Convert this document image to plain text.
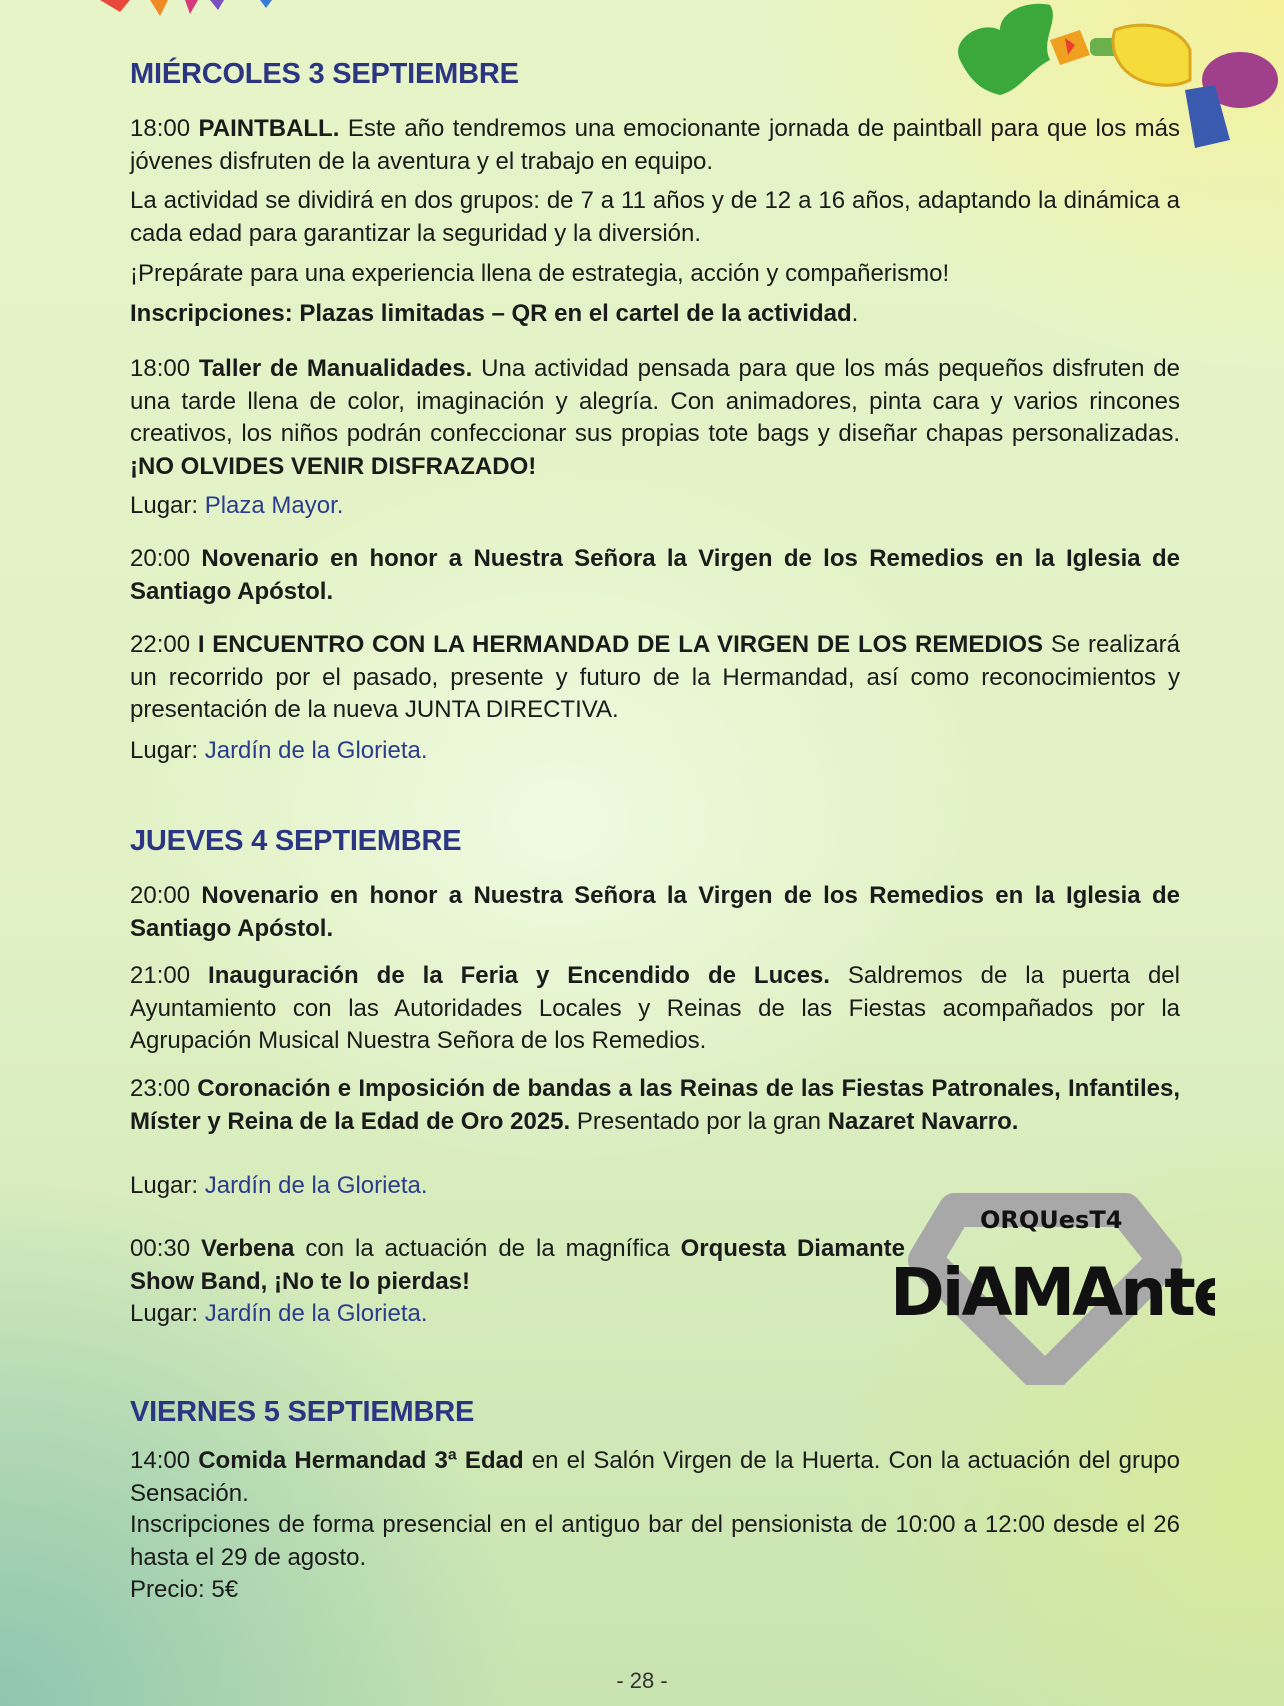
MIÉRCOLES 3 SEPTIEMBRE

18:00 PAINTBALL. Este año tendremos una emocionante jornada de paintball para que los más jóvenes disfruten de la aventura y el trabajo en equipo.

La actividad se dividirá en dos grupos: de 7 a 11 años y de 12 a 16 años, adaptando la dinámica a cada edad para garantizar la seguridad y la diversión.

¡Prepárate para una experiencia llena de estrategia, acción y compañerismo!

Inscripciones: Plazas limitadas – QR en el cartel de la actividad.

18:00 Taller de Manualidades. Una actividad pensada para que los más pequeños disfruten de una tarde llena de color, imaginación y alegría. Con animadores, pinta cara y varios rincones creativos, los niños podrán confeccionar sus propias tote bags y diseñar chapas personalizadas. ¡NO OLVIDES VENIR DISFRAZADO!

Lugar: Plaza Mayor.

20:00 Novenario en honor a Nuestra Señora la Virgen de los Remedios en la Iglesia de Santiago Apóstol.

22:00 I ENCUENTRO CON LA HERMANDAD DE LA VIRGEN DE LOS REMEDIOS Se realizará un recorrido por el pasado, presente y futuro de la Hermandad, así como reconocimientos y presentación de la nueva JUNTA DIRECTIVA.

Lugar: Jardín de la Glorieta.

JUEVES 4 SEPTIEMBRE

20:00 Novenario en honor a Nuestra Señora la Virgen de los Remedios en la Iglesia de Santiago Apóstol.

21:00 Inauguración de la Feria y Encendido de Luces. Saldremos de la puerta del Ayuntamiento con las Autoridades Locales y Reinas de las Fiestas acompañados por la Agrupación Musical Nuestra Señora de los Remedios.

23:00 Coronación e Imposición de bandas a las Reinas de las Fiestas Patronales, Infantiles, Míster y Reina de la Edad de Oro 2025. Presentado por la gran Nazaret Navarro.

Lugar: Jardín de la Glorieta.

00:30 Verbena con la actuación de la magnífica Orquesta Diamante Show Band, ¡No te lo pierdas!

Lugar: Jardín de la Glorieta.

VIERNES 5 SEPTIEMBRE

14:00 Comida Hermandad 3ª Edad en el Salón Virgen de la Huerta. Con la actuación del grupo Sensación.

Inscripciones de forma presencial en el antiguo bar del pensionista de 10:00 a 12:00 desde el 26 hasta el 29 de agosto.

Precio: 5€

ORQUesT4
DiAMAnte
- 28 -
